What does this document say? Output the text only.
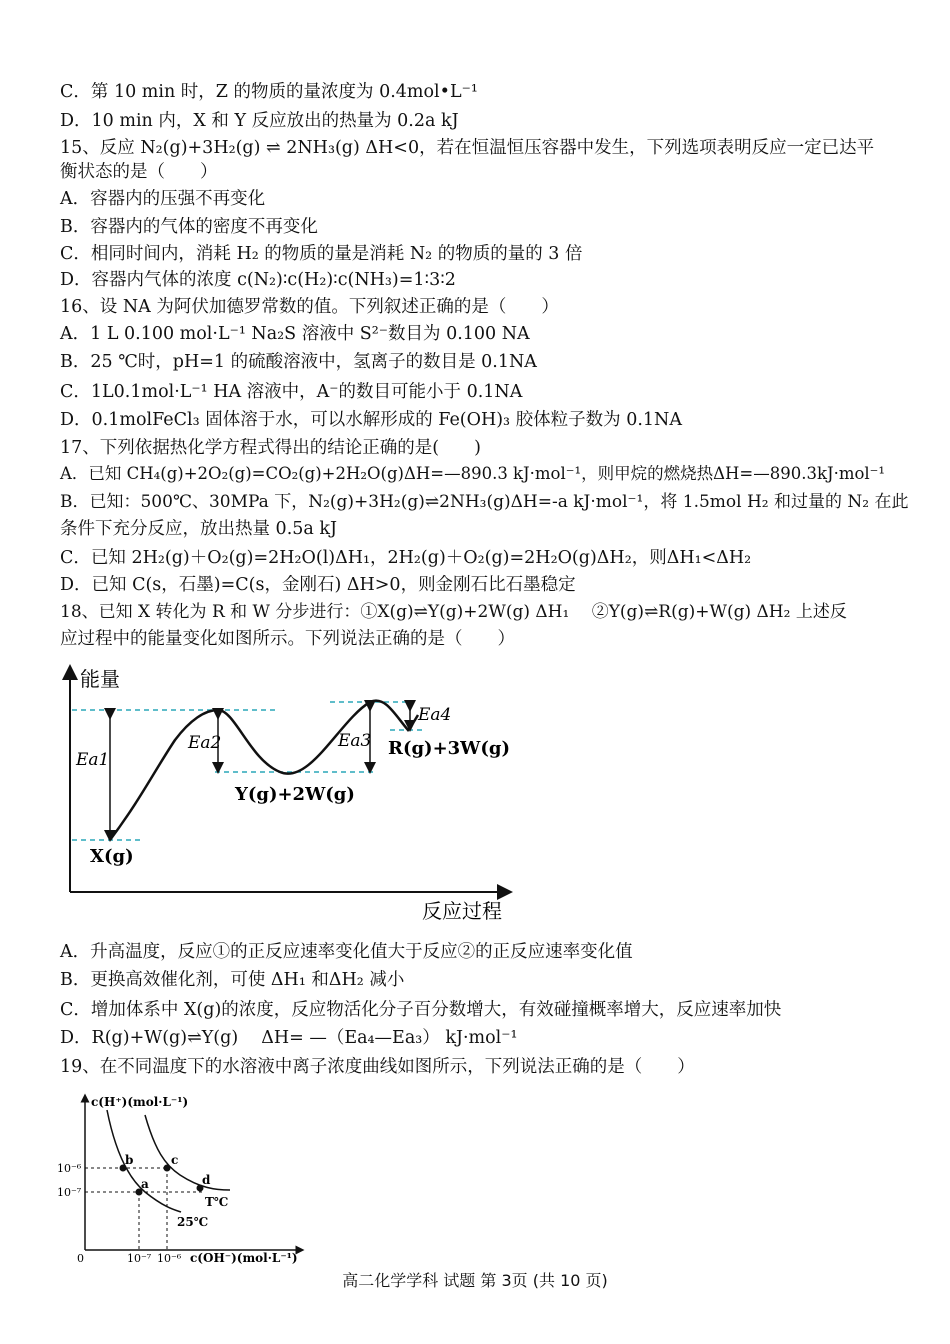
C．第 10 min 时，Z 的物质的量浓度为 0.4mol•L⁻¹
D．10 min 内，X 和 Y 反应放出的热量为 0.2a kJ
15、反应 N₂(g)+3H₂(g) ⇌ 2NH₃(g) ΔH<0，若在恒温恒压容器中发生，下列选项表明反应一定已达平
衡状态的是（　　）
A．容器内的压强不再变化
B．容器内的气体的密度不再变化
C．相同时间内，消耗 H₂ 的物质的量是消耗 N₂ 的物质的量的 3 倍
D．容器内气体的浓度 c(N₂)∶c(H₂)∶c(NH₃)=1∶3∶2
16、设 NA 为阿伏加德罗常数的值。下列叙述正确的是（　　）
A．1 L 0.100 mol·L⁻¹ Na₂S 溶液中 S²⁻数目为 0.100 NA
B．25 ℃时，pH=1 的硫酸溶液中，氢离子的数目是 0.1NA
C．1L0.1mol·L⁻¹ HA 溶液中，A⁻的数目可能小于 0.1NA
D．0.1molFeCl₃ 固体溶于水，可以水解形成的 Fe(OH)₃ 胶体粒子数为 0.1NA
17、下列依据热化学方程式得出的结论正确的是(　　)
A．已知 CH₄(g)+2O₂(g)=CO₂(g)+2H₂O(g)ΔH=—890.3 kJ·mol⁻¹，则甲烷的燃烧热ΔH=—890.3kJ·mol⁻¹
B．已知：500℃、30MPa 下，N₂(g)+3H₂(g)⇌2NH₃(g)ΔH=-a kJ·mol⁻¹，将 1.5mol H₂ 和过量的 N₂ 在此
条件下充分反应，放出热量 0.5a kJ
C．已知 2H₂(g)＋O₂(g)=2H₂O(l)ΔH₁，2H₂(g)＋O₂(g)=2H₂O(g)ΔH₂，则ΔH₁<ΔH₂
D．已知 C(s，石墨)=C(s，金刚石) ΔH>0，则金刚石比石墨稳定
18、已知 X 转化为 R 和 W 分步进行：①X(g)⇌Y(g)+2W(g) ΔH₁　 ②Y(g)⇌R(g)+W(g) ΔH₂ 上述反
应过程中的能量变化如图所示。下列说法正确的是（　　）
能量
反应过程
Ea1
Ea2	Ea3
Ea4
X(g)
Y(g)+2W(g)
R(g)+3W(g)
A．升高温度，反应①的正反应速率变化值大于反应②的正反应速率变化值
B．更换高效催化剂，可使 ΔH₁ 和ΔH₂ 减小
C．增加体系中 X(g)的浓度，反应物活化分子百分数增大，有效碰撞概率增大，反应速率加快
D．R(g)+W(g)⇌Y(g)　 ΔH= —（Ea₄—Ea₃） kJ·mol⁻¹
19、在不同温度下的水溶液中离子浓度曲线如图所示，下列说法正确的是（　　）
c(H⁺)(mol·L⁻¹)
c(OH⁻)(mol·L⁻¹)
10⁻⁶
10⁻⁷
10⁻⁷ 10⁻⁶
0
a
b	c
d
T℃
25℃
高二化学学科 试题 第 3页 (共 10 页)
